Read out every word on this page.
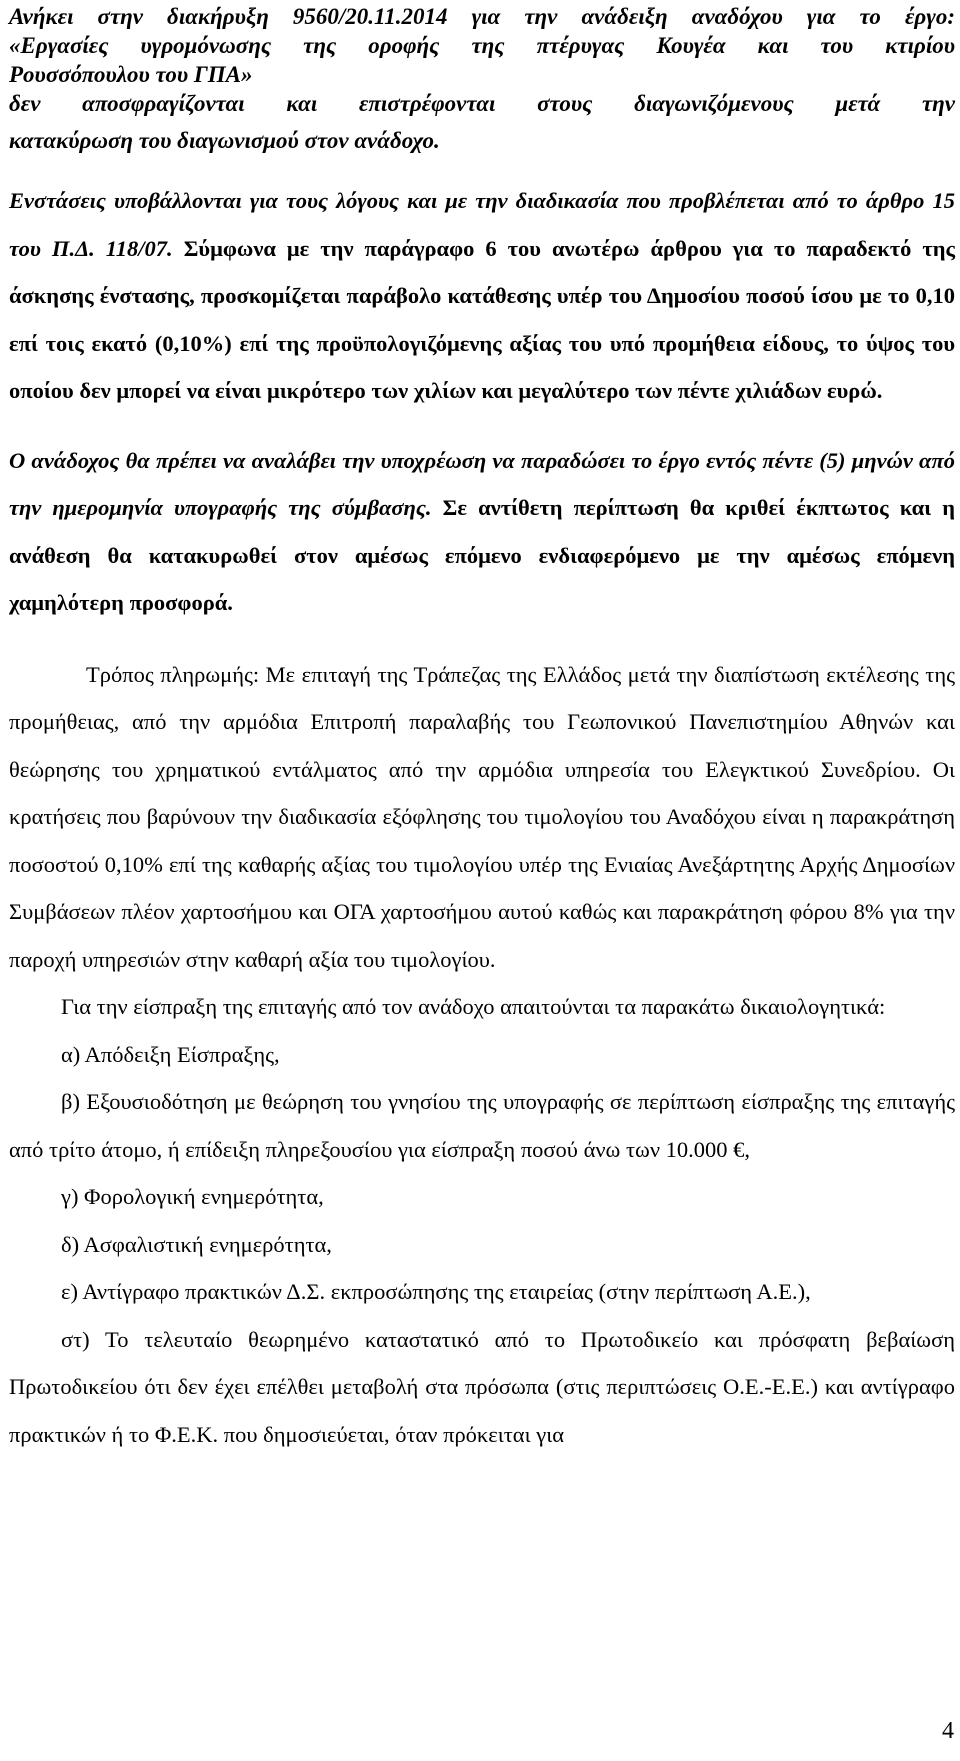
Ανήκει στην διακήρυξη 9560/20.11.2014 για την ανάδειξη αναδόχου για το έργο:
«Εργασίες υγρομόνωσης της οροφής της πτέρυγας Κουγέα και του κτιρίου
Ρουσσόπουλου του ΓΠΑ»
δεν αποσφραγίζονται και επιστρέφονται στους διαγωνιζόμενους μετά την
κατακύρωση του διαγωνισμού στον ανάδοχο.

Ενστάσεις υποβάλλονται για τους λόγους και με την διαδικασία που προβλέπεται από το άρθρο 15 του Π.Δ. 118/07. Σύμφωνα με την παράγραφο 6 του ανωτέρω άρθρου για το παραδεκτό της άσκησης ένστασης, προσκομίζεται παράβολο κατάθεσης υπέρ του Δημοσίου ποσού ίσου με το 0,10 επί τοις εκατό (0,10%) επί της προϋπολογιζόμενης αξίας του υπό προμήθεια είδους, το ύψος του οποίου δεν μπορεί να είναι μικρότερο των χιλίων και μεγαλύτερο των πέντε χιλιάδων ευρώ.

Ο ανάδοχος θα πρέπει να αναλάβει την υποχρέωση να παραδώσει το έργο εντός πέντε (5) μηνών από την ημερομηνία υπογραφής της σύμβασης. Σε αντίθετη περίπτωση θα κριθεί έκπτωτος και η ανάθεση θα κατακυρωθεί στον αμέσως επόμενο ενδιαφερόμενο με την αμέσως επόμενη χαμηλότερη προσφορά.

Τρόπος πληρωμής: Με επιταγή της Τράπεζας της Ελλάδος μετά την διαπίστωση εκτέλεσης της προμήθειας, από την αρμόδια Επιτροπή παραλαβής του Γεωπονικού Πανεπιστημίου Αθηνών και θεώρησης του χρηματικού εντάλματος από την αρμόδια υπηρεσία του Ελεγκτικού Συνεδρίου. Οι κρατήσεις που βαρύνουν την διαδικασία εξόφλησης του τιμολογίου του Αναδόχου είναι η παρακράτηση ποσοστού 0,10% επί της καθαρής αξίας του τιμολογίου υπέρ της Ενιαίας Ανεξάρτητης Αρχής Δημοσίων Συμβάσεων πλέον χαρτοσήμου και ΟΓΑ χαρτοσήμου αυτού καθώς και παρακράτηση φόρου 8% για την παροχή υπηρεσιών στην καθαρή αξία του τιμολογίου.

Για την είσπραξη της επιταγής από τον ανάδοχο απαιτούνται τα παρακάτω δικαιολογητικά:

α) Απόδειξη Είσπραξης,

β) Εξουσιοδότηση με θεώρηση του γνησίου της υπογραφής σε περίπτωση είσπραξης της επιταγής από τρίτο άτομο, ή επίδειξη πληρεξουσίου για είσπραξη ποσού άνω των 10.000 €,

γ) Φορολογική ενημερότητα,

δ) Ασφαλιστική ενημερότητα,

ε) Αντίγραφο πρακτικών Δ.Σ. εκπροσώπησης της εταιρείας (στην περίπτωση Α.Ε.),

στ) Το τελευταίο θεωρημένο καταστατικό από το Πρωτοδικείο και πρόσφατη βεβαίωση Πρωτοδικείου ότι δεν έχει επέλθει μεταβολή στα πρόσωπα (στις περιπτώσεις Ο.Ε.-Ε.Ε.) και αντίγραφο πρακτικών ή το Φ.Ε.Κ. που δημοσιεύεται, όταν πρόκειται για

4
